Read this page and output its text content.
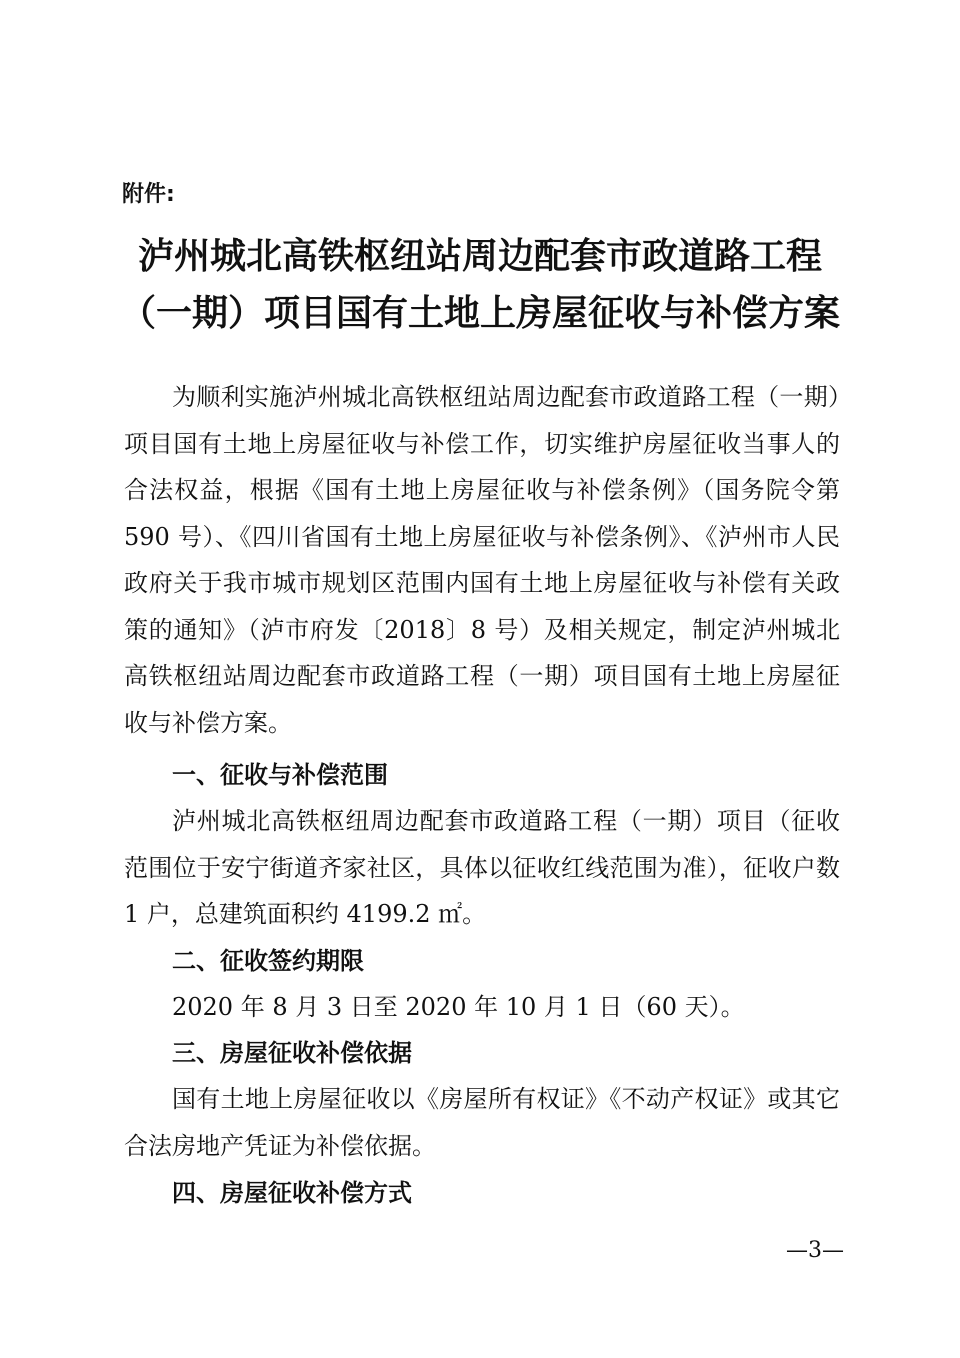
附件:

泸州城北高铁枢纽站周边配套市政道路工程
（一期）项目国有土地上房屋征收与补偿方案

为顺利实施泸州城北高铁枢纽站周边配套市政道路工程（一期）项目国有土地上房屋征收与补偿工作，切实维护房屋征收当事人的合法权益，根据《国有土地上房屋征收与补偿条例》（国务院令第 590 号）、《四川省国有土地上房屋征收与补偿条例》、《泸州市人民政府关于我市城市规划区范围内国有土地上房屋征收与补偿有关政策的通知》（泸市府发〔2018〕8 号）及相关规定，制定泸州城北高铁枢纽站周边配套市政道路工程（一期）项目国有土地上房屋征收与补偿方案。

一、征收与补偿范围

泸州城北高铁枢纽周边配套市政道路工程（一期）项目（征收范围位于安宁街道齐家社区，具体以征收红线范围为准），征收户数 1 户，总建筑面积约 4199.2 ㎡。

二、征收签约期限

2020 年 8 月 3 日至 2020 年 10 月 1 日（60 天）。

三、房屋征收补偿依据

国有土地上房屋征收以《房屋所有权证》《不动产权证》或其它合法房地产凭证为补偿依据。

四、房屋征收补偿方式

—3—
